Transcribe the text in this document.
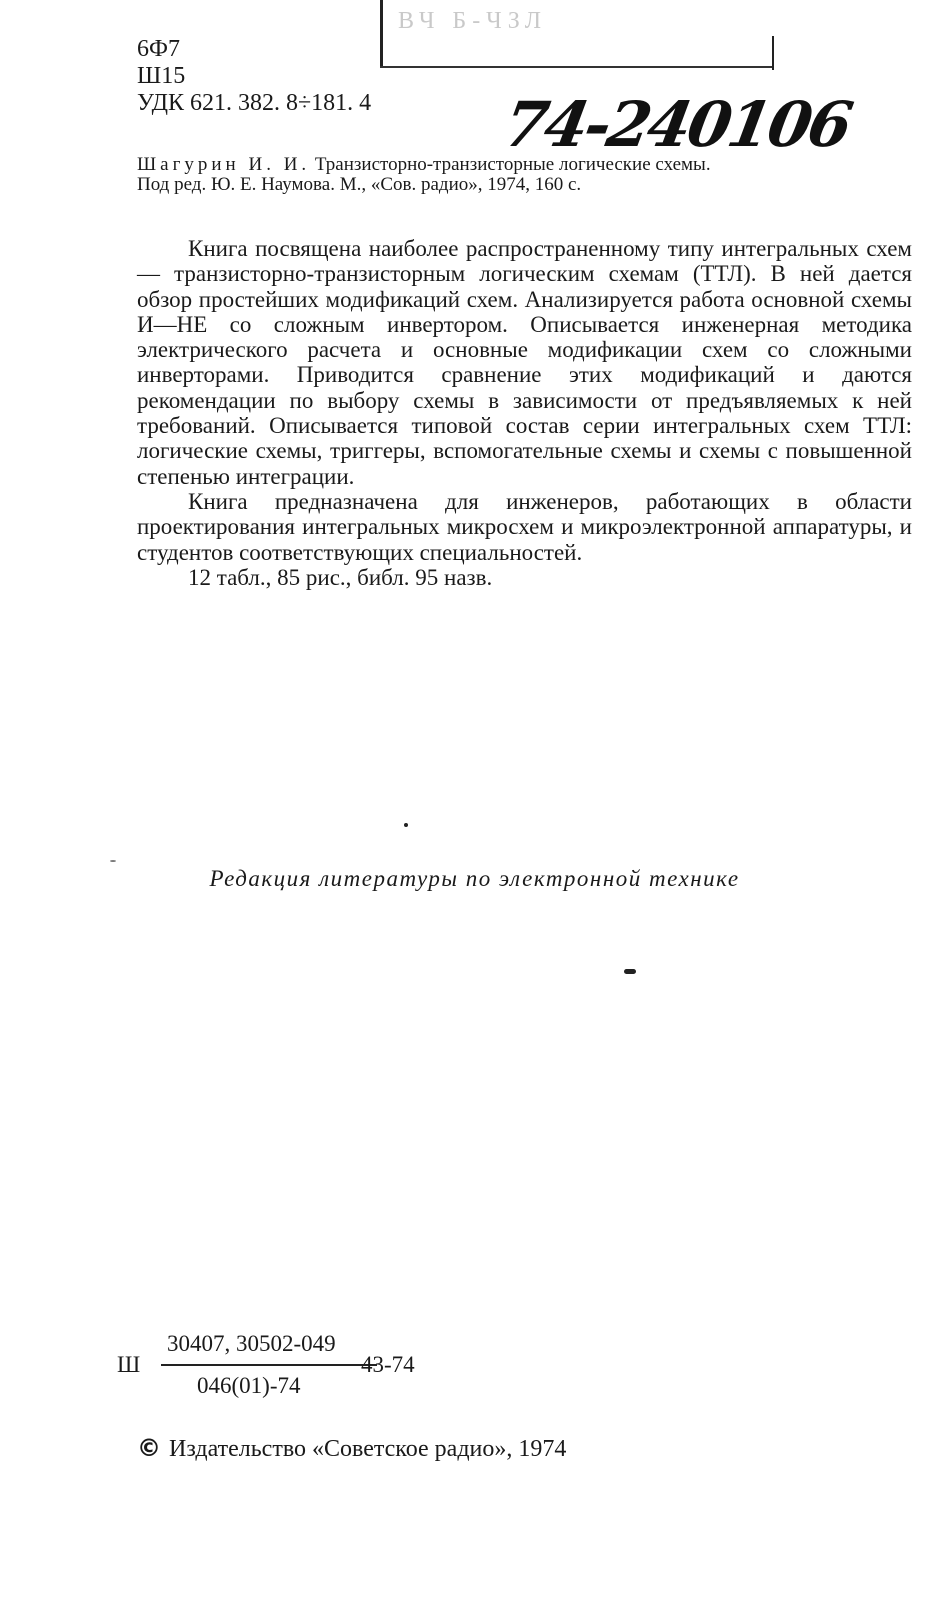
ВЧ Б-ЧЗЛ
6Ф7
Ш15
УДК 621. 382. 8÷181. 4 74-240106
Шагурин И. И. Транзисторно-транзисторные логические схемы.
Под ред. Ю. Е. Наумова. М., «Сов. радио», 1974, 160 с.

Книга посвящена наиболее распространенному типу интегральных схем — транзисторно-транзисторным логическим схемам (ТТЛ). В ней дается обзор простейших модификаций схем. Анализируется работа основной схемы И—НЕ со сложным инвертором. Описывается инженерная методика электрического расчета и основные модификации схем со сложными инверторами. Приводится сравнение этих модификаций и даются рекомендации по выбору схемы в зависимости от предъявляемых к ней требований. Описывается типовой состав серии интегральных схем ТТЛ: логические схемы, триггеры, вспомогательные схемы и схемы с повышенной степенью интеграции.

Книга предназначена для инженеров, работающих в области проектирования интегральных микросхем и микроэлектронной аппаратуры, и студентов соответствующих специальностей.

12 табл., 85 рис., библ. 95 назв.

Редакция литературы по электронной технике
Ш
30407, 30502-049
046(01)-74
43-74
© Издательство «Советское радио», 1974
